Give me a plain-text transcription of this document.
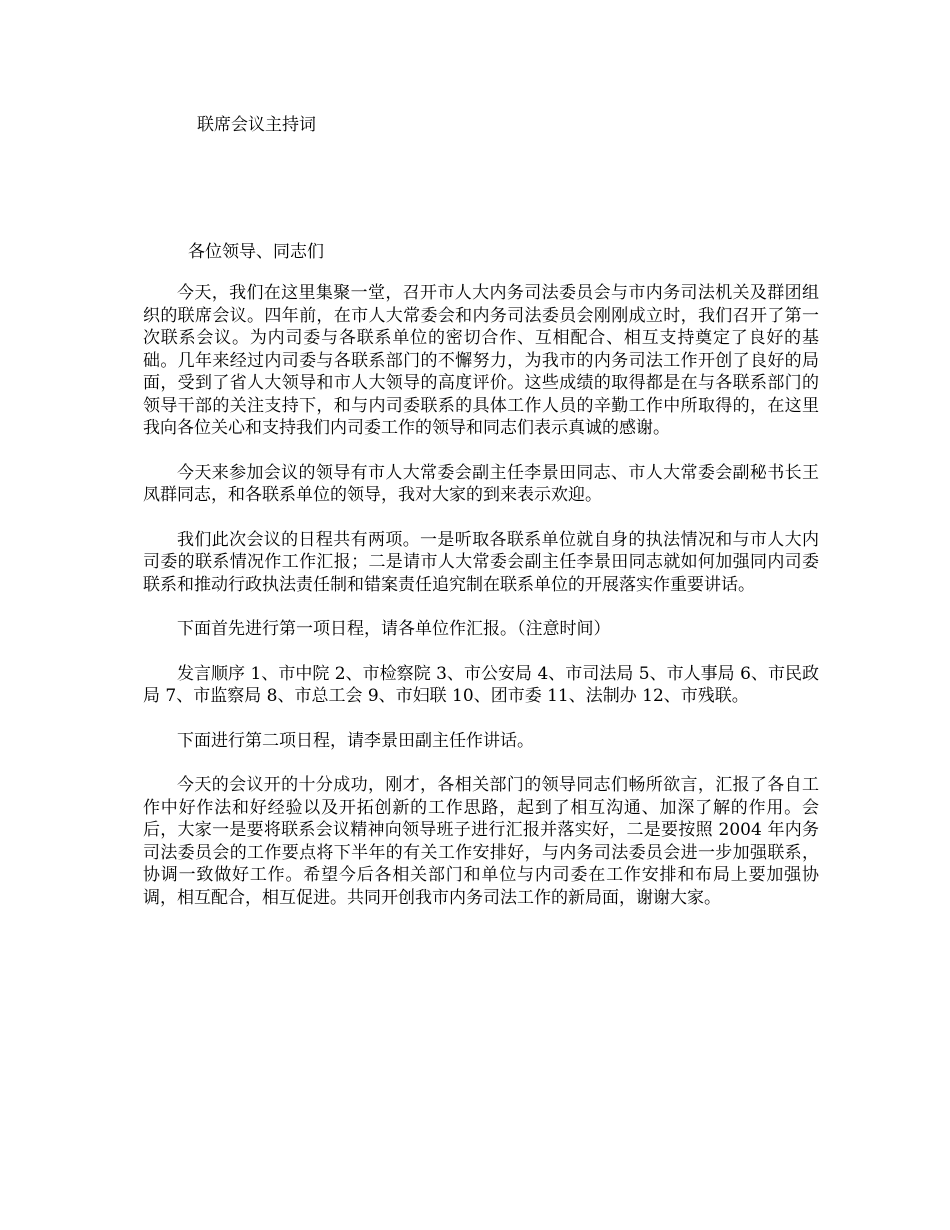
联席会议主持词
各位领导、同志们

今天，我们在这里集聚一堂，召开市人大内务司法委员会与市内务司法机关及群团组织的联席会议。四年前，在市人大常委会和内务司法委员会刚刚成立时，我们召开了第一次联系会议。为内司委与各联系单位的密切合作、互相配合、相互支持奠定了良好的基础。几年来经过内司委与各联系部门的不懈努力，为我市的内务司法工作开创了良好的局面，受到了省人大领导和市人大领导的高度评价。这些成绩的取得都是在与各联系部门的领导干部的关注支持下，和与内司委联系的具体工作人员的辛勤工作中所取得的，在这里我向各位关心和支持我们内司委工作的领导和同志们表示真诚的感谢。

今天来参加会议的领导有市人大常委会副主任李景田同志、市人大常委会副秘书长王凤群同志，和各联系单位的领导，我对大家的到来表示欢迎。

我们此次会议的日程共有两项。一是听取各联系单位就自身的执法情况和与市人大内司委的联系情况作工作汇报；二是请市人大常委会副主任李景田同志就如何加强同内司委联系和推动行政执法责任制和错案责任追究制在联系单位的开展落实作重要讲话。

下面首先进行第一项日程，请各单位作汇报。（注意时间）

发言顺序 1、市中院 2、市检察院 3、市公安局 4、市司法局 5、市人事局 6、市民政局 7、市监察局 8、市总工会 9、市妇联 10、团市委 11、法制办 12、市残联。

下面进行第二项日程，请李景田副主任作讲话。

今天的会议开的十分成功，刚才，各相关部门的领导同志们畅所欲言，汇报了各自工作中好作法和好经验以及开拓创新的工作思路，起到了相互沟通、加深了解的作用。会后，大家一是要将联系会议精神向领导班子进行汇报并落实好，二是要按照 2004 年内务司法委员会的工作要点将下半年的有关工作安排好，与内务司法委员会进一步加强联系，协调一致做好工作。希望今后各相关部门和单位与内司委在工作安排和布局上要加强协调，相互配合，相互促进。共同开创我市内务司法工作的新局面，谢谢大家。
